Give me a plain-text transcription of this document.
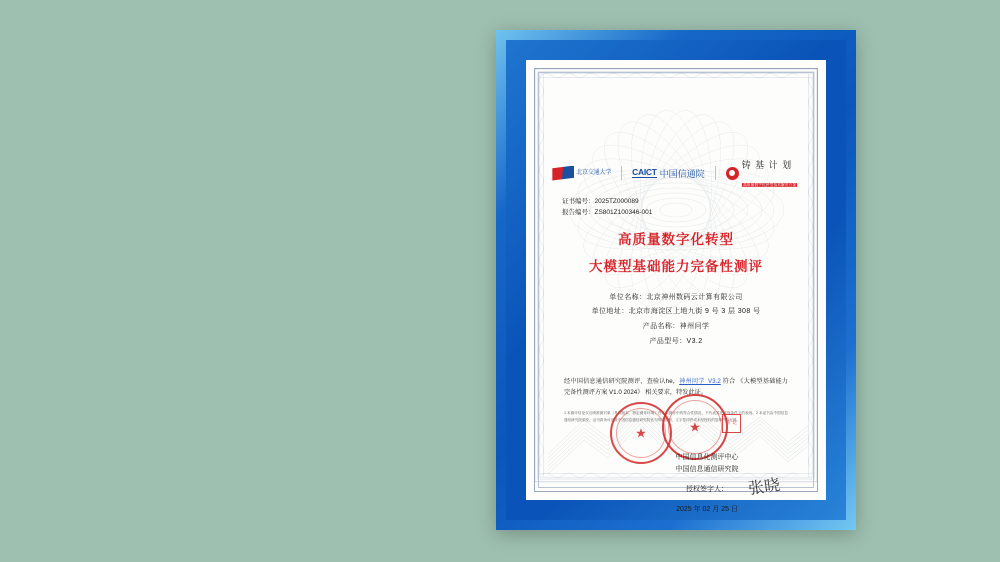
北京交通大学 CAICT 中国信通院
铸 基 计 划
高质量数字化转型技术解决方案
证书编号：2025TZ000089
报告编号：ZS801Z100346-001
高质量数字化转型
大模型基础能力完备性测评
单位名称：北京神州数码云计算有限公司
单位地址：北京市海淀区上地九街 9 号 3 层 308 号
产品名称：神州问学
产品型号：V3.2
经中国信息通信研究院测评、查验认he，神州问学_V3.2 符合 《大模型基础能力完备性测评方案 V1.0 2024》 相关要求，特发此证。
1 本测评结论仅反映被测对象（具体版本、特定测评环境）在本次测评中的符合性情况，不代表其在其他条件下的表现。2 本证书由中国信息通信研究院颁发，证书真伪可登录中国信息通信研究院官方网站查询，文字复印件或未经授权的复制件均无效。
★	★	验 讫
中国信息化测评中心
中国信息通信研究院
授权签字人：	张晓
2025 年 02 月 25 日
